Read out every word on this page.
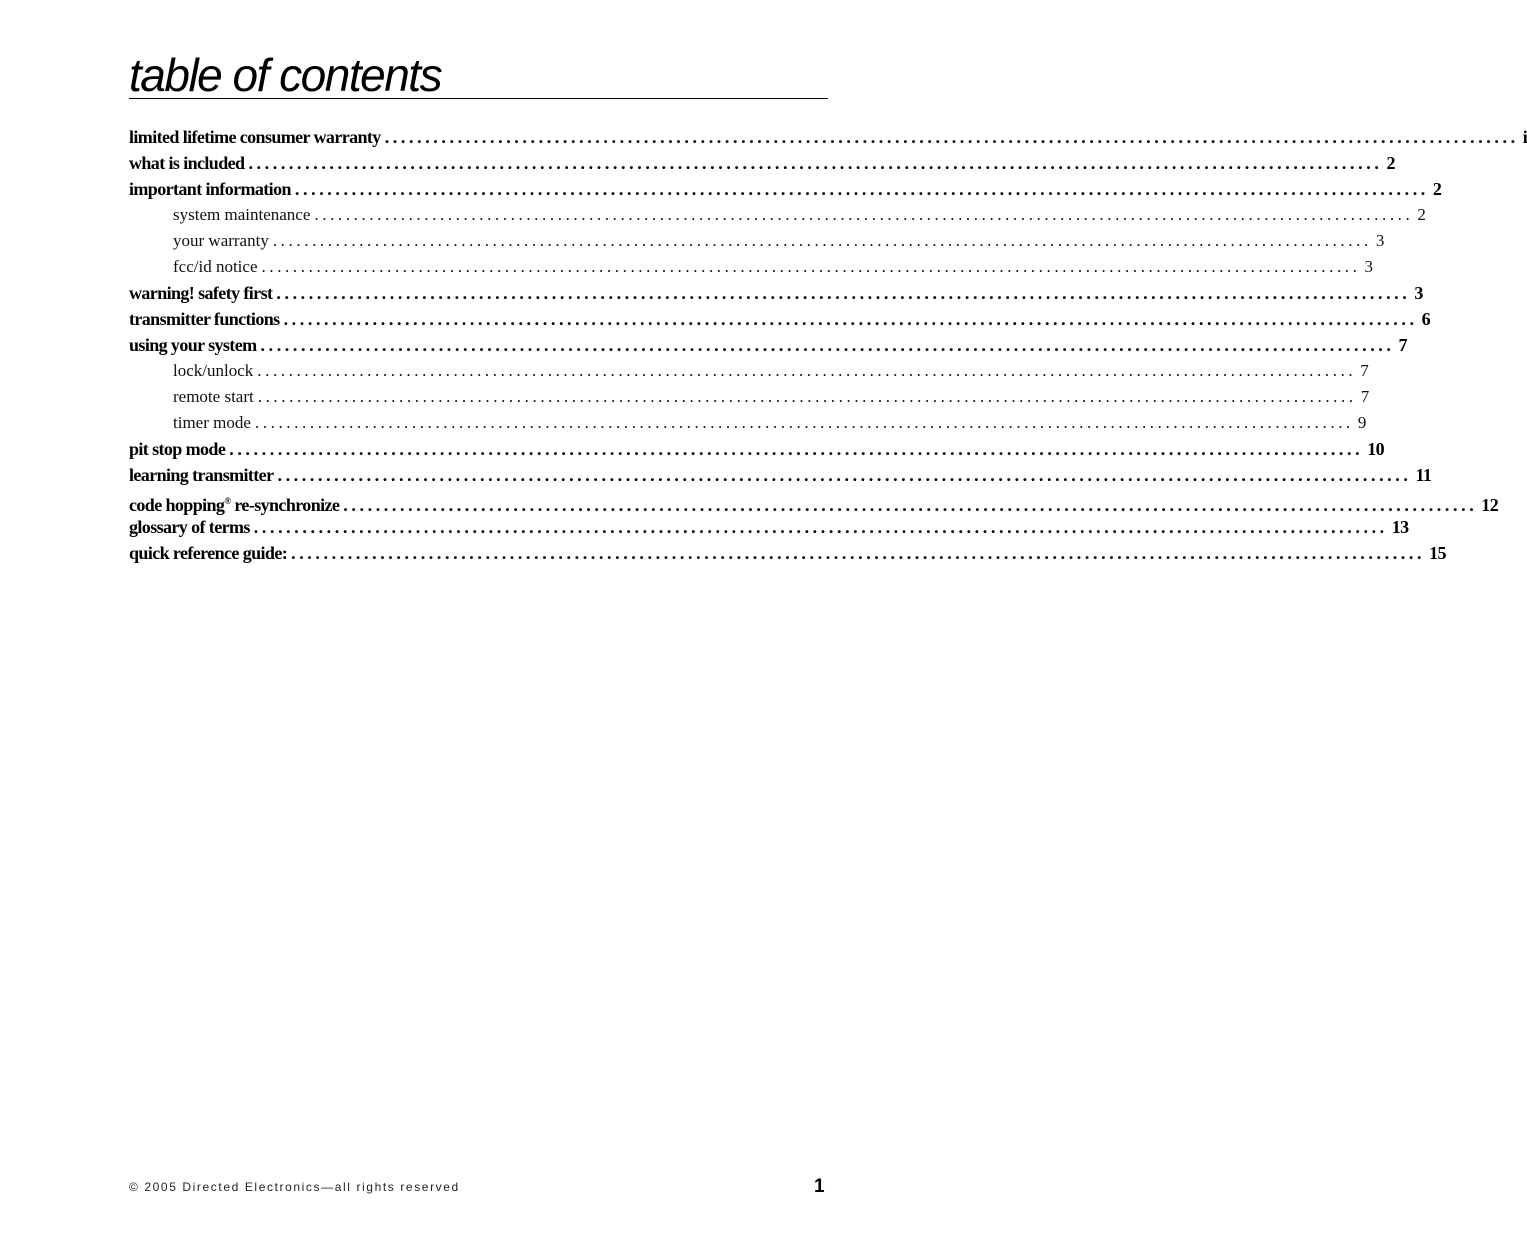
table of contents
limited lifetime consumer warranty ............................................................................................................................................ i
what is included ............................................................................................................................................ 2
important information ............................................................................................................................................ 2
system maintenance ............................................................................................................................................ 2
your warranty ............................................................................................................................................ 3
fcc/id notice ............................................................................................................................................ 3
warning! safety first ............................................................................................................................................ 3
transmitter functions ............................................................................................................................................ 6
using your system ............................................................................................................................................ 7
lock/unlock ............................................................................................................................................ 7
remote start ............................................................................................................................................ 7
timer mode ............................................................................................................................................ 9
pit stop mode ............................................................................................................................................ 10
learning transmitter ............................................................................................................................................ 11
code hopping® re-synchronize ............................................................................................................................................ 12
glossary of terms ............................................................................................................................................ 13
quick reference guide: ............................................................................................................................................ 15
© 2005 Directed Electronics—all rights reserved	1
